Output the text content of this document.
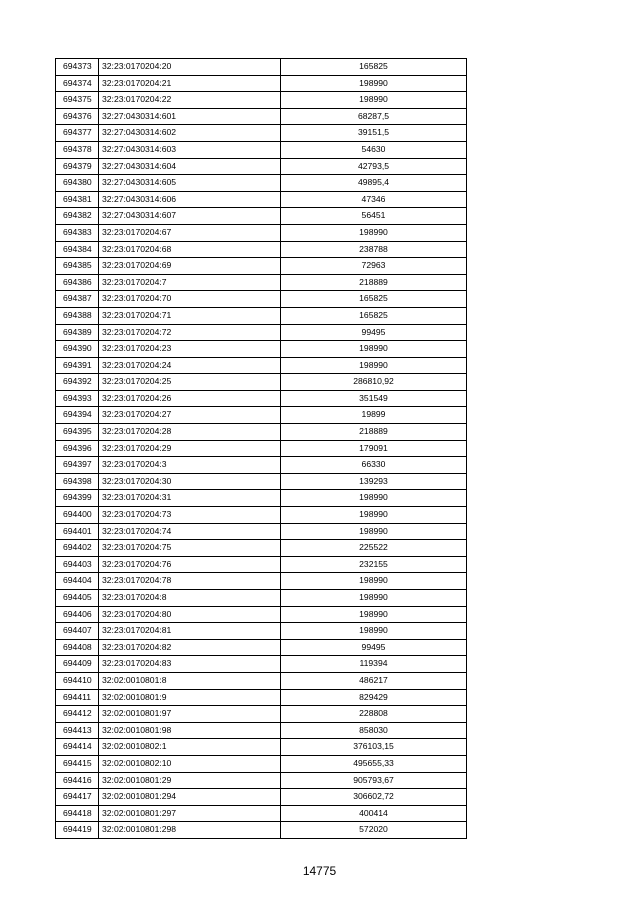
694373	32:23:0170204:20	165825
694374	32:23:0170204:21	198990
694375	32:23:0170204:22	198990
694376	32:27:0430314:601	68287,5
694377	32:27:0430314:602	39151,5
694378	32:27:0430314:603	54630
694379	32:27:0430314:604	42793,5
694380	32:27:0430314:605	49895,4
694381	32:27:0430314:606	47346
694382	32:27:0430314:607	56451
694383	32:23:0170204:67	198990
694384	32:23:0170204:68	238788
694385	32:23:0170204:69	72963
694386	32:23:0170204:7	218889
694387	32:23:0170204:70	165825
694388	32:23:0170204:71	165825
694389	32:23:0170204:72	99495
694390	32:23:0170204:23	198990
694391	32:23:0170204:24	198990
694392	32:23:0170204:25	286810,92
694393	32:23:0170204:26	351549
694394	32:23:0170204:27	19899
694395	32:23:0170204:28	218889
694396	32:23:0170204:29	179091
694397	32:23:0170204:3	66330
694398	32:23:0170204:30	139293
694399	32:23:0170204:31	198990
694400	32:23:0170204:73	198990
694401	32:23:0170204:74	198990
694402	32:23:0170204:75	225522
694403	32:23:0170204:76	232155
694404	32:23:0170204:78	198990
694405	32:23:0170204:8	198990
694406	32:23:0170204:80	198990
694407	32:23:0170204:81	198990
694408	32:23:0170204:82	99495
694409	32:23:0170204:83	119394
694410	32:02:0010801:8	486217
694411	32:02:0010801:9	829429
694412	32:02:0010801:97	228808
694413	32:02:0010801:98	858030
694414	32:02:0010802:1	376103,15
694415	32:02:0010802:10	495655,33
694416	32:02:0010801:29	905793,67
694417	32:02:0010801:294	306602,72
694418	32:02:0010801:297	400414
694419	32:02:0010801:298	572020
14775
